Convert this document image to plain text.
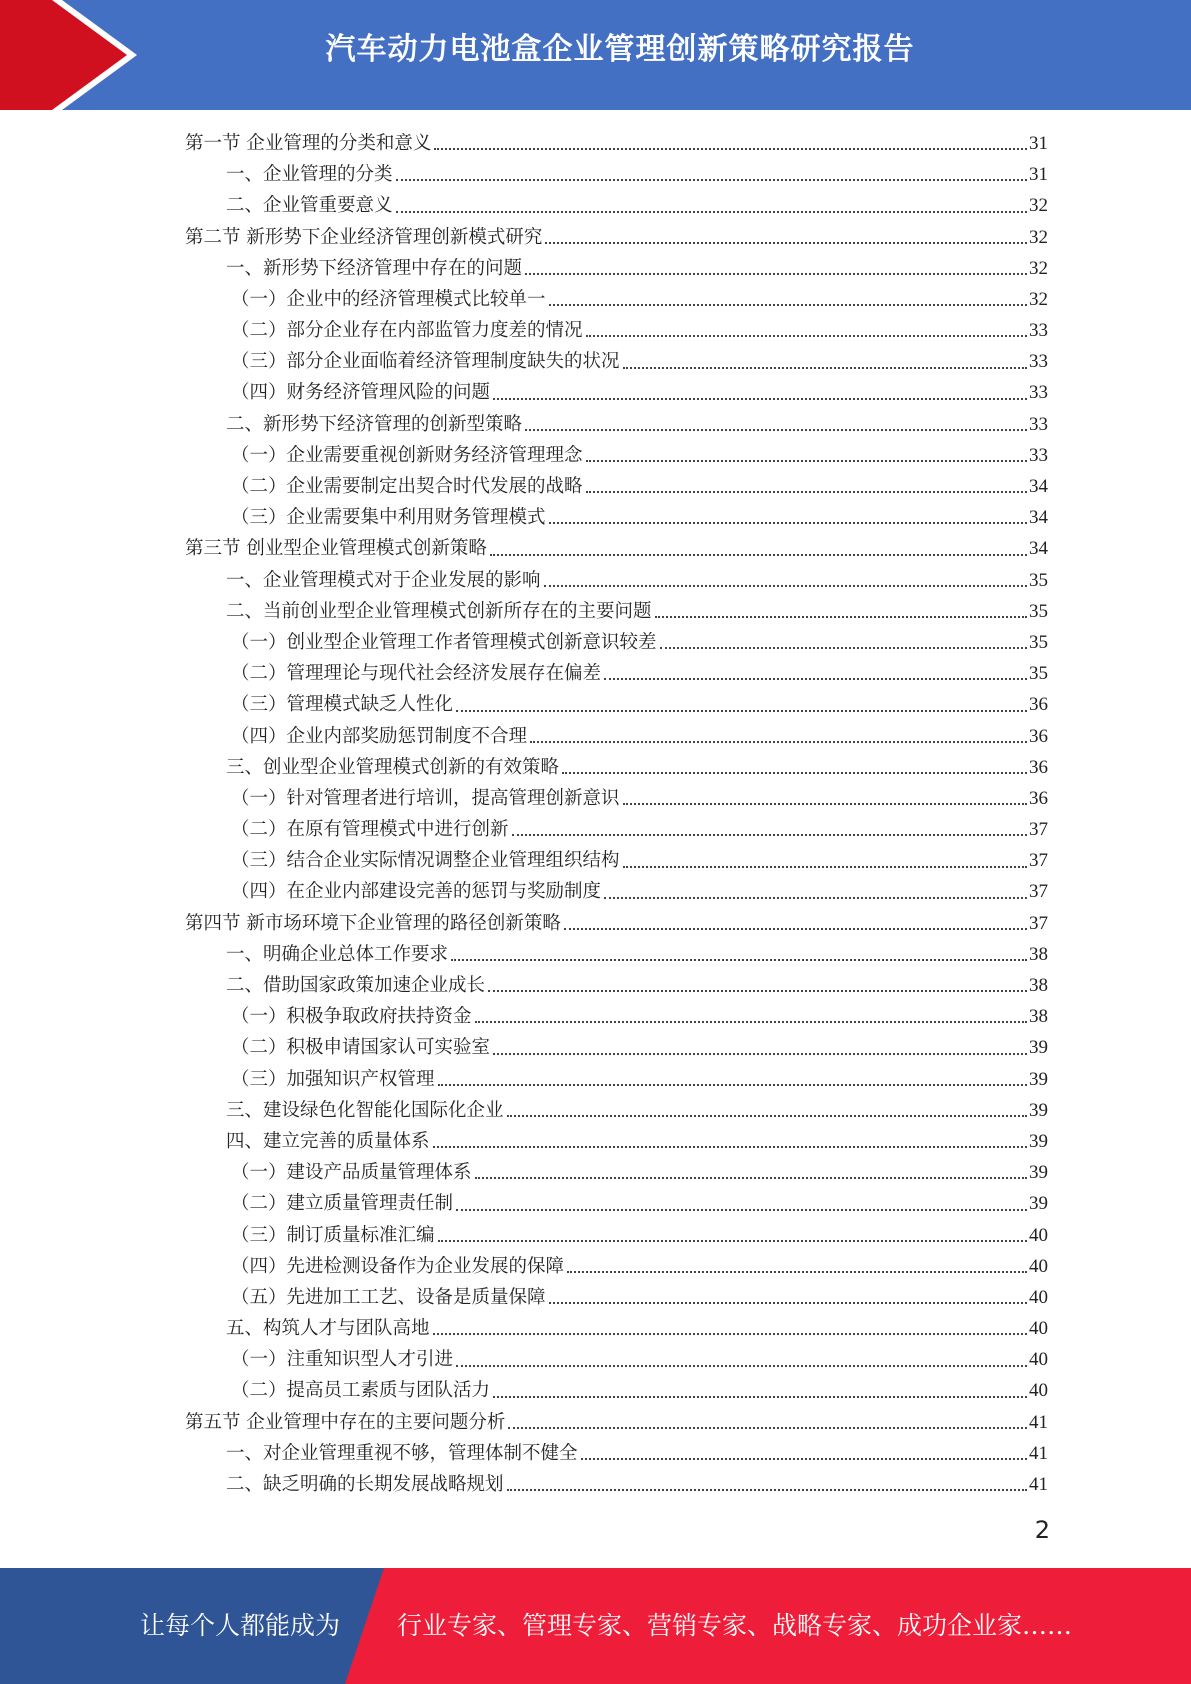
汽车动力电池盒企业管理创新策略研究报告
第一节 企业管理的分类和意义	31
一、企业管理的分类	31
二、企业管重要意义	32
第二节 新形势下企业经济管理创新模式研究	32
一、新形势下经济管理中存在的问题	32
（一）企业中的经济管理模式比较单一	32
（二）部分企业存在内部监管力度差的情况	33
（三）部分企业面临着经济管理制度缺失的状况	33
（四）财务经济管理风险的问题	33
二、新形势下经济管理的创新型策略	33
（一）企业需要重视创新财务经济管理理念	33
（二）企业需要制定出契合时代发展的战略	34
（三）企业需要集中利用财务管理模式	34
第三节 创业型企业管理模式创新策略	34
一、企业管理模式对于企业发展的影响	35
二、当前创业型企业管理模式创新所存在的主要问题	35
（一）创业型企业管理工作者管理模式创新意识较差	35
（二）管理理论与现代社会经济发展存在偏差	35
（三）管理模式缺乏人性化	36
（四）企业内部奖励惩罚制度不合理	36
三、创业型企业管理模式创新的有效策略	36
（一）针对管理者进行培训，提高管理创新意识	36
（二）在原有管理模式中进行创新	37
（三）结合企业实际情况调整企业管理组织结构	37
（四）在企业内部建设完善的惩罚与奖励制度	37
第四节 新市场环境下企业管理的路径创新策略	37
一、明确企业总体工作要求	38
二、借助国家政策加速企业成长	38
（一）积极争取政府扶持资金	38
（二）积极申请国家认可实验室	39
（三）加强知识产权管理	39
三、建设绿色化智能化国际化企业	39
四、建立完善的质量体系	39
（一）建设产品质量管理体系	39
（二）建立质量管理责任制	39
（三）制订质量标准汇编	40
（四）先进检测设备作为企业发展的保障	40
（五）先进加工工艺、设备是质量保障	40
五、构筑人才与团队高地	40
（一）注重知识型人才引进	40
（二）提高员工素质与团队活力	40
第五节 企业管理中存在的主要问题分析	41
一、对企业管理重视不够，管理体制不健全	41
二、缺乏明确的长期发展战略规划	41
2
让每个人都能成为 行业专家、管理专家、营销专家、战略专家、成功企业家……
